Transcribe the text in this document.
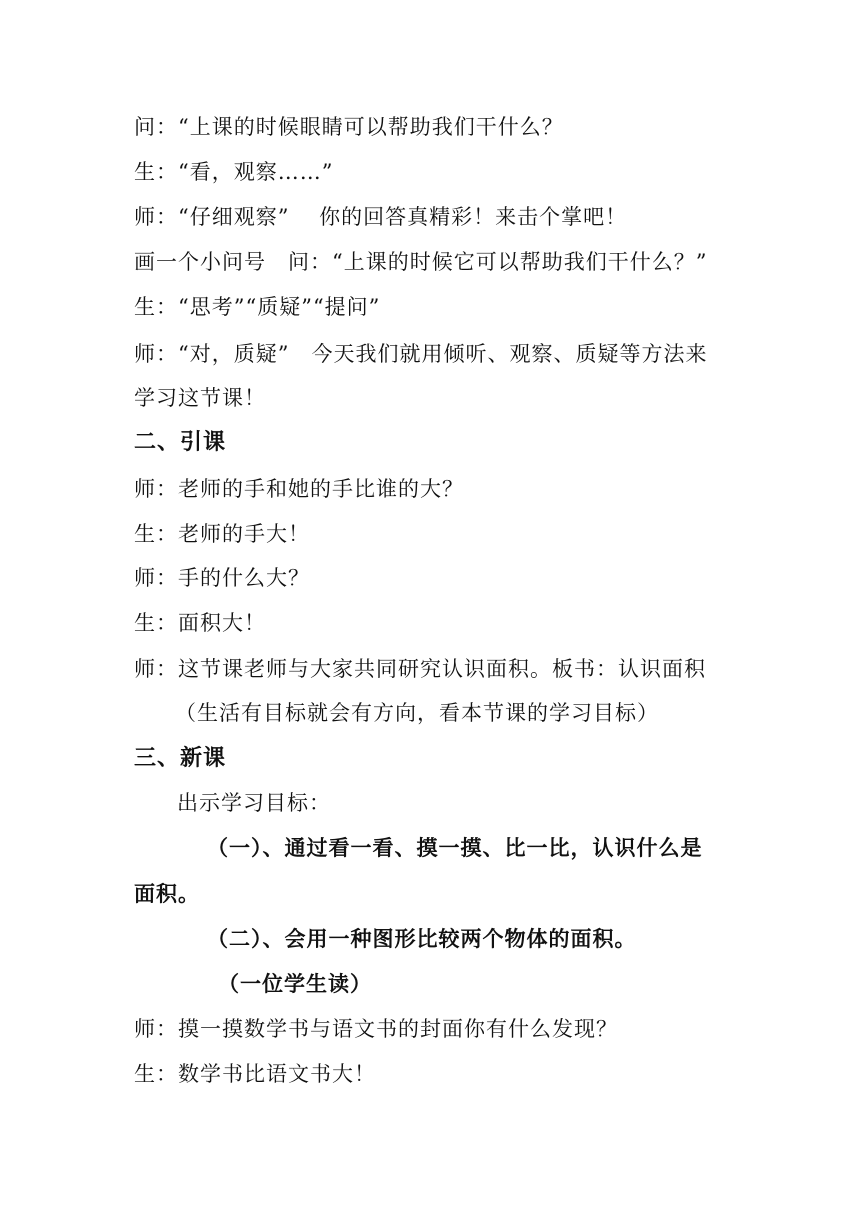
问：“上课的时候眼睛可以帮助我们干什么？
生：“看，观察……”
师：“仔细观察”　 你的回答真精彩！来击个掌吧！
画一个小问号　问：“上课的时候它可以帮助我们干什么？”
生：“思考”“质疑”“提问”
师：“对，质疑”　今天我们就用倾听、观察、质疑等方法来
学习这节课！
二、引课
师：老师的手和她的手比谁的大？
生：老师的手大！
师：手的什么大？
生：面积大！
师：这节课老师与大家共同研究认识面积。板书：认识面积
（生活有目标就会有方向，看本节课的学习目标）
三、新课
出示学习目标：
（一）、通过看一看、摸一摸、比一比，认识什么是
面积。
（二）、会用一种图形比较两个物体的面积。
（一位学生读）
师：摸一摸数学书与语文书的封面你有什么发现？
生：数学书比语文书大！
